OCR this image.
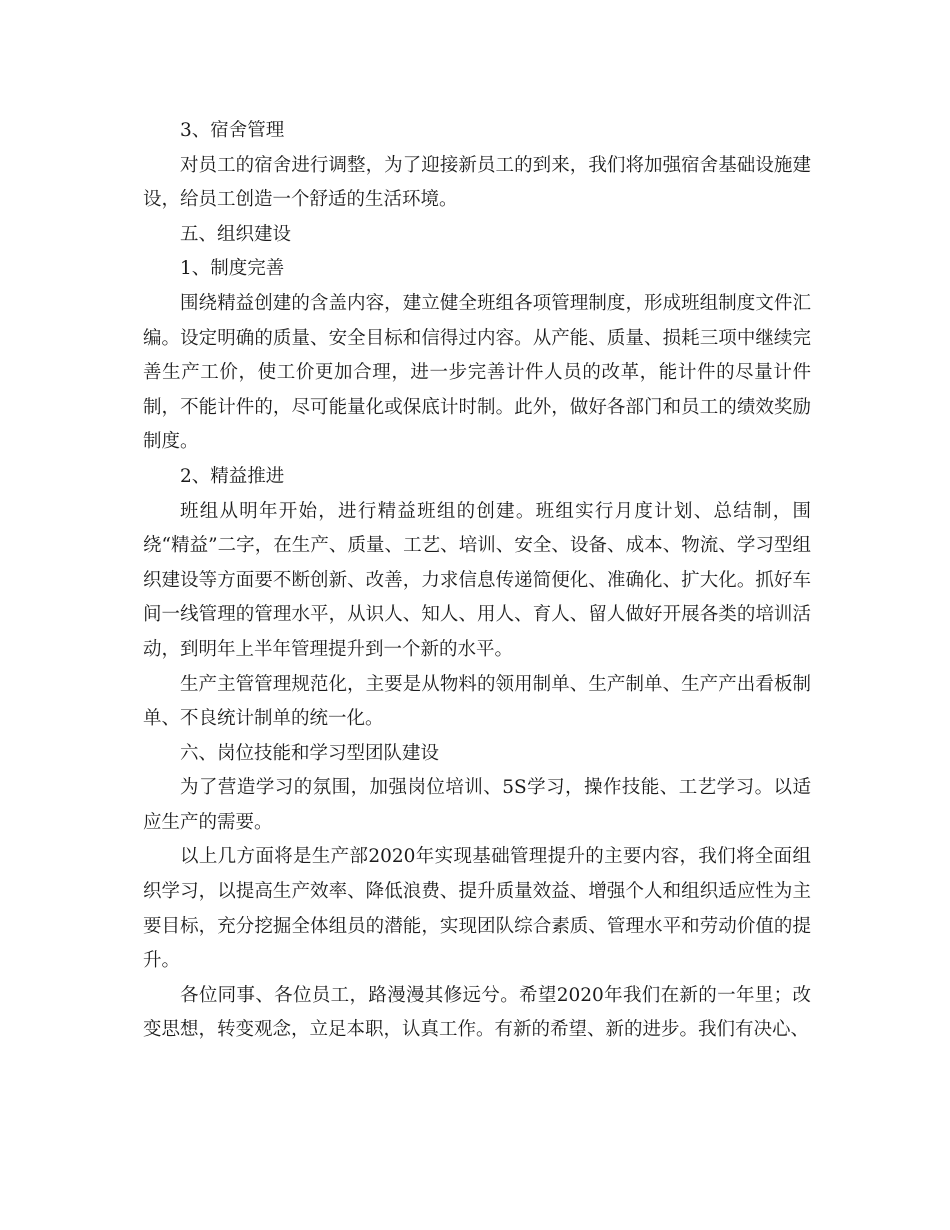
3、宿舍管理

对员工的宿舍进行调整，为了迎接新员工的到来，我们将加强宿舍基础设施建设，给员工创造一个舒适的生活环境。

五、组织建设

1、制度完善

围绕精益创建的含盖内容，建立健全班组各项管理制度，形成班组制度文件汇编。设定明确的质量、安全目标和信得过内容。从产能、质量、损耗三项中继续完善生产工价，使工价更加合理，进一步完善计件人员的改革，能计件的尽量计件制，不能计件的，尽可能量化或保底计时制。此外，做好各部门和员工的绩效奖励制度。

2、精益推进

班组从明年开始，进行精益班组的创建。班组实行月度计划、总结制，围绕“精益”二字，在生产、质量、工艺、培训、安全、设备、成本、物流、学习型组织建设等方面要不断创新、改善，力求信息传递简便化、准确化、扩大化。抓好车间一线管理的管理水平，从识人、知人、用人、育人、留人做好开展各类的培训活动，到明年上半年管理提升到一个新的水平。

生产主管管理规范化，主要是从物料的领用制单、生产制单、生产产出看板制单、不良统计制单的统一化。

六、岗位技能和学习型团队建设

为了营造学习的氛围，加强岗位培训、5S学习，操作技能、工艺学习。以适应生产的需要。

以上几方面将是生产部2020年实现基础管理提升的主要内容，我们将全面组织学习，以提高生产效率、降低浪费、提升质量效益、增强个人和组织适应性为主要目标，充分挖掘全体组员的潜能，实现团队综合素质、管理水平和劳动价值的提升。

各位同事、各位员工，路漫漫其修远兮。希望2020年我们在新的一年里；改变思想，转变观念，立足本职，认真工作。有新的希望、新的进步。我们有决心、
